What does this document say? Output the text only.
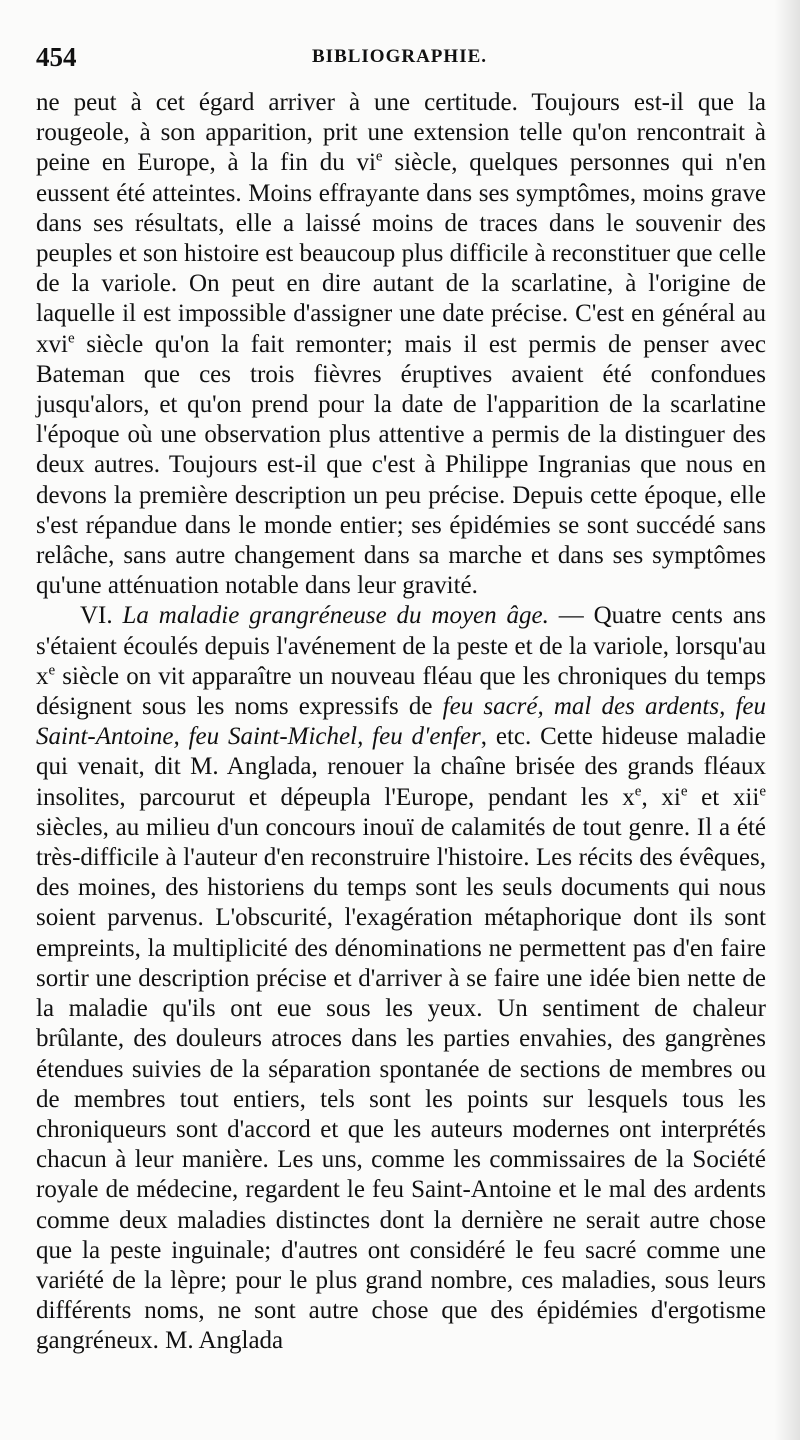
454	BIBLIOGRAPHIE.

ne peut à cet égard arriver à une certitude. Toujours est-il que la rougeole, à son apparition, prit une extension telle qu'on rencontrait à peine en Europe, à la fin du $vi^e$ siècle, quelques personnes qui n'en eussent été atteintes. Moins effrayante dans ses symptômes, moins grave dans ses résultats, elle a laissé moins de traces dans le souvenir des peuples et son histoire est beaucoup plus difficile à reconstituer que celle de la variole. On peut en dire autant de la scarlatine, à l'origine de laquelle il est impossible d'assigner une date précise. C'est en général au xvi$^e$ siècle qu'on la fait remonter; mais il est permis de penser avec Bateman que ces trois fièvres éruptives avaient été confondues jusqu'alors, et qu'on prend pour la date de l'apparition de la scarlatine l'époque où une observation plus attentive a permis de la distinguer des deux autres. Toujours est-il que c'est à Philippe Ingranias que nous en devons la première description un peu précise. Depuis cette époque, elle s'est répandue dans le monde entier; ses épidémies se sont succédé sans relâche, sans autre changement dans sa marche et dans ses symptômes qu'une atténuation notable dans leur gravité.

VI. La maladie grangréneuse du moyen âge. — Quatre cents ans s'étaient écoulés depuis l'avénement de la peste et de la variole, lorsqu'au $x^e$ siècle on vit apparaître un nouveau fléau que les chroniques du temps désignent sous les noms expressifs de feu sacré, mal des ardents, feu Saint-Antoine, feu Saint-Michel, feu d'enfer, etc. Cette hideuse maladie qui venait, dit M. Anglada, renouer la chaîne brisée des grands fléaux insolites, parcourut et dépeupla l'Europe, pendant les $x^e$, $xi^e$ et xii$^e$ siècles, au milieu d'un concours inouï de calamités de tout genre. Il a été très-difficile à l'auteur d'en reconstruire l'histoire. Les récits des évêques, des moines, des historiens du temps sont les seuls documents qui nous soient parvenus. L'obscurité, l'exagération métaphorique dont ils sont empreints, la multiplicité des dénominations ne permettent pas d'en faire sortir une description précise et d'arriver à se faire une idée bien nette de la maladie qu'ils ont eue sous les yeux. Un sentiment de chaleur brûlante, des douleurs atroces dans les parties envahies, des gangrènes étendues suivies de la séparation spontanée de sections de membres ou de membres tout entiers, tels sont les points sur lesquels tous les chroniqueurs sont d'accord et que les auteurs modernes ont interprétés chacun à leur manière. Les uns, comme les commissaires de la Société royale de médecine, regardent le feu Saint-Antoine et le mal des ardents comme deux maladies distinctes dont la dernière ne serait autre chose que la peste inguinale; d'autres ont considéré le feu sacré comme une variété de la lèpre; pour le plus grand nombre, ces maladies, sous leurs différents noms, ne sont autre chose que des épidémies d'ergotisme gangréneux. M. Anglada
